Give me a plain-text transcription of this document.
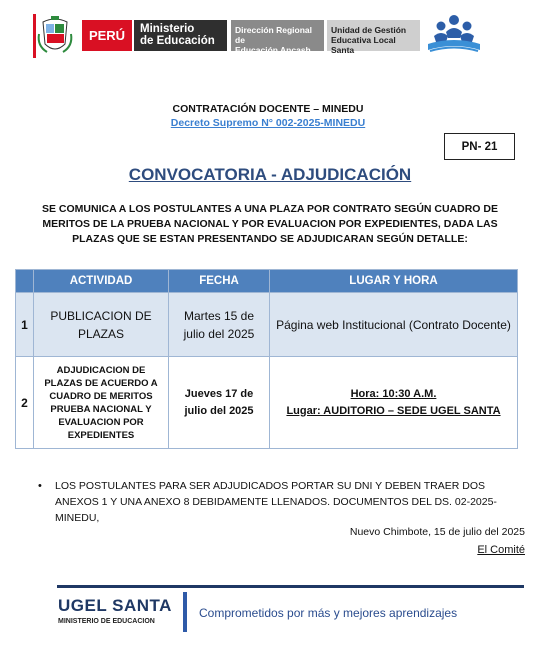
PERÚ	Ministerio
de Educación
Dirección Regional de
Educación Ancash
Unidad de Gestión
Educativa Local Santa
CONTRATACIÓN DOCENTE – MINEDU
Decreto Supremo N° 002-2025-MINEDU
PN- 21
CONVOCATORIA - ADJUDICACIÓN
SE COMUNICA A LOS POSTULANTES A UNA PLAZA POR CONTRATO SEGÚN CUADRO DE MERITOS DE LA PRUEBA NACIONAL Y POR EVALUACION POR EXPEDIENTES, DADA LAS PLAZAS QUE SE ESTAN PRESENTANDO SE ADJUDICARAN SEGÚN DETALLE:
	ACTIVIDAD	FECHA	LUGAR Y HORA
1	PUBLICACION DE PLAZAS	Martes 15 de julio del 2025	Página web Institucional (Contrato Docente)
2	ADJUDICACION DE PLAZAS DE ACUERDO A CUADRO DE MERITOS PRUEBA NACIONAL Y EVALUACION POR EXPEDIENTES	Jueves 17 de julio del 2025	Hora: 10:30 A.M.
Lugar: AUDITORIO – SEDE UGEL SANTA
• LOS POSTULANTES PARA SER ADJUDICADOS PORTAR SU DNI Y DEBEN TRAER DOS ANEXOS 1 Y UNA ANEXO 8 DEBIDAMENTE LLENADOS. DOCUMENTOS DEL DS. 02-2025-MINEDU,
Nuevo Chimbote, 15 de julio del 2025
El Comité
UGEL SANTA
MINISTERIO DE EDUCACION
Comprometidos por más y mejores aprendizajes
